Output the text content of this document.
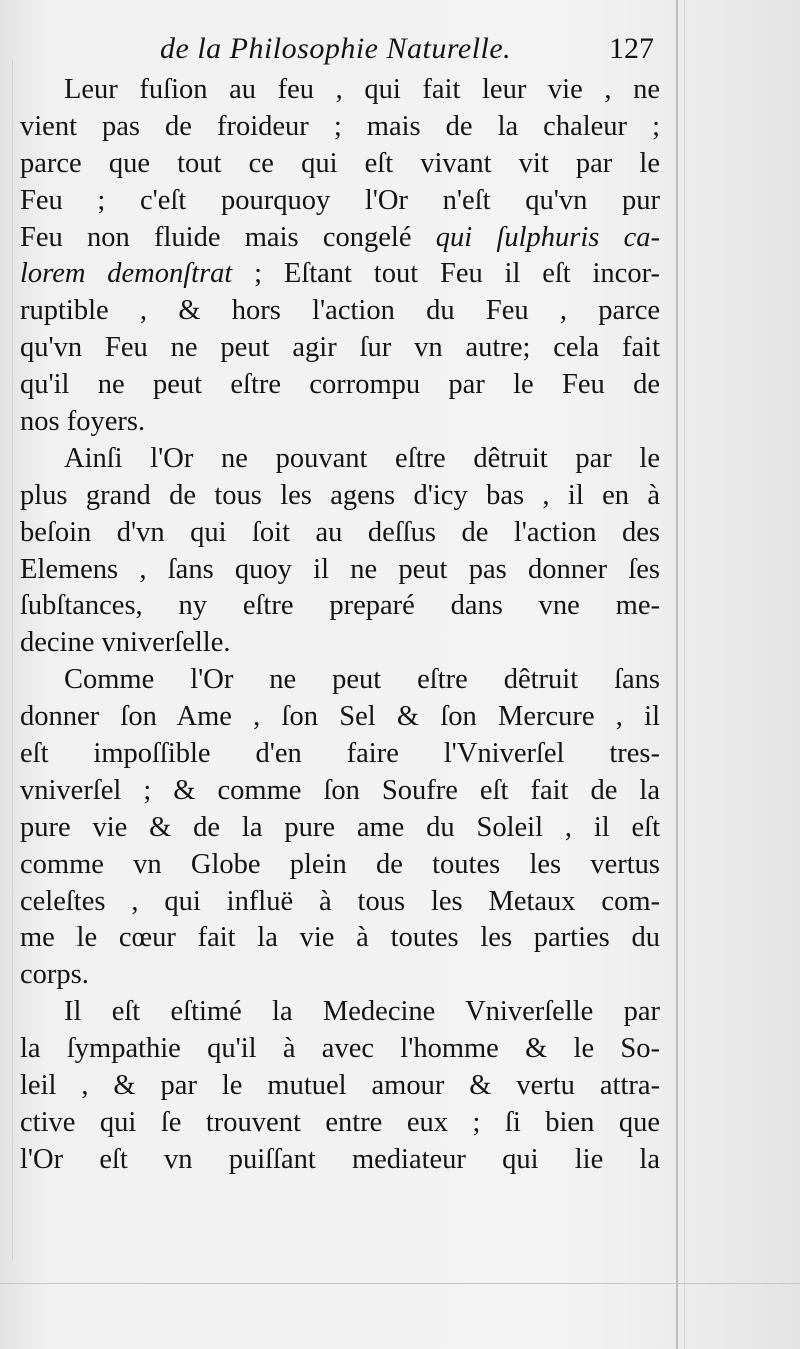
de la Philosophie Naturelle.	127
Leur fuſion au feu , qui fait leur vie , ne
vient pas de froideur ; mais de la chaleur ;
parce que tout ce qui eſt vivant vit par le
Feu ; c'eſt pourquoy l'Or n'eſt qu'vn pur
Feu non fluide mais congelé qui ſulphuris ca-
lorem demonſtrat ; Eſtant tout Feu il eſt incor-
ruptible , & hors l'action du Feu , parce
qu'vn Feu ne peut agir ſur vn autre; cela fait
qu'il ne peut eſtre corrompu par le Feu de
nos foyers.
Ainſi l'Or ne pouvant eſtre dêtruit par le
plus grand de tous les agens d'icy bas , il en à
beſoin d'vn qui ſoit au deſſus de l'action des
Elemens , ſans quoy il ne peut pas donner ſes
ſubſtances, ny eſtre preparé dans vne me-
decine vniverſelle.
Comme l'Or ne peut eſtre dêtruit ſans
donner ſon Ame , ſon Sel & ſon Mercure , il
eſt impoſſible d'en faire l'Vniverſel tres-
vniverſel ; & comme ſon Soufre eſt fait de la
pure vie & de la pure ame du Soleil , il eſt
comme vn Globe plein de toutes les vertus
celeſtes , qui influë à tous les Metaux com-
me le cœur fait la vie à toutes les parties du
corps.
Il eſt eſtimé la Medecine Vniverſelle par
la ſympathie qu'il à avec l'homme & le So-
leil , & par le mutuel amour & vertu attra-
ctive qui ſe trouvent entre eux ; ſi bien que
l'Or eſt vn puiſſant mediateur qui lie la
